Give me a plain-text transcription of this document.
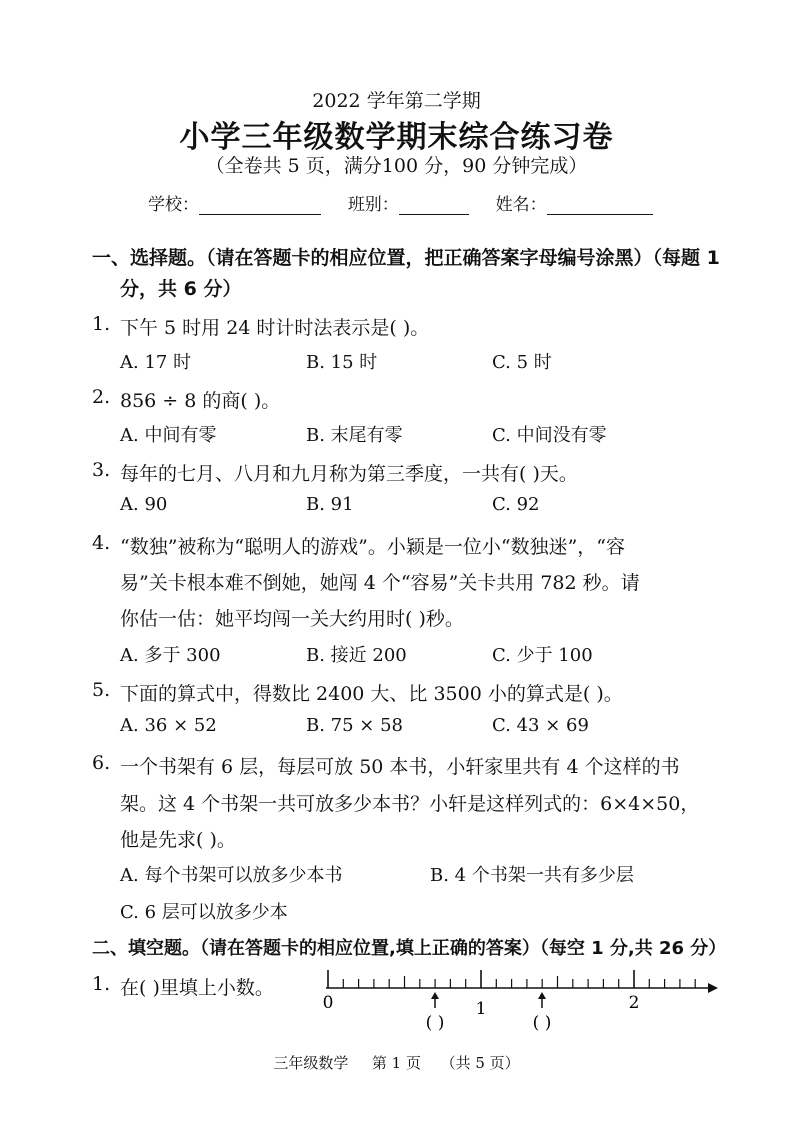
2022 学年第二学期
小学三年级数学期末综合练习卷
（全卷共 5 页，满分100 分，90 分钟完成）
学校：	班别：	姓名：
一、选择题。（请在答题卡的相应位置，把正确答案字母编号涂黑）（每题 1
分，共 6 分）
1. 下午 5 时用 24 时计时法表示是( )。
A. 17 时	B. 15 时	C. 5 时
2. 856 ÷ 8 的商( )。
A. 中间有零	B. 末尾有零	C. 中间没有零
3. 每年的七月、八月和九月称为第三季度，一共有( )天。
A. 90	B. 91	C. 92
4. “数独”被称为“聪明人的游戏”。小颖是一位小“数独迷”，“容
易”关卡根本难不倒她，她闯 4 个“容易”关卡共用 782 秒。请
你估一估：她平均闯一关大约用时( )秒。
A. 多于 300	B. 接近 200	C. 少于 100
5. 下面的算式中，得数比 2400 大、比 3500 小的算式是( )。
A. 36 × 52	B. 75 × 58	C. 43 × 69
6. 一个书架有 6 层，每层可放 50 本书，小轩家里共有 4 个这样的书
架。这 4 个书架一共可放多少本书？小轩是这样列式的：6×4×50，
他是先求( )。
A. 每个书架可以放多少本书	B. 4 个书架一共有多少层
C. 6 层可以放多少本
二、填空题。（请在答题卡的相应位置,填上正确的答案）（每空 1 分,共 26 分）
1. 在( )里填上小数。
0	1	2
( )	( )
三年级数学 第 1 页 （共 5 页）
